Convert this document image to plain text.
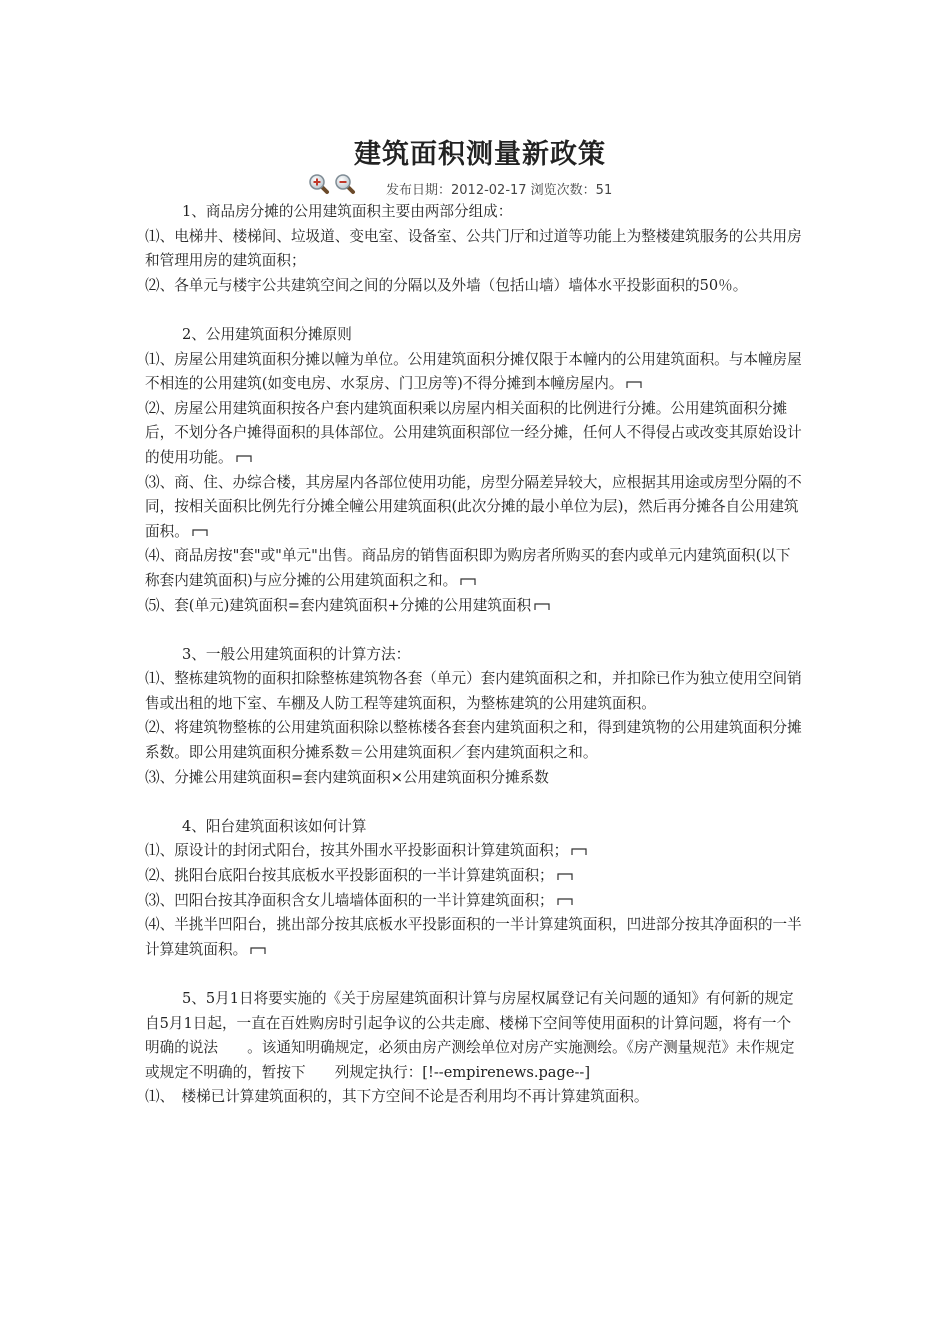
建筑面积测量新政策
发布日期：2012-02-17 浏览次数：51

1、商品房分摊的公用建筑面积主要由两部分组成：

⑴、电梯井、楼梯间、垃圾道、变电室、设备室、公共门厅和过道等功能上为整楼建筑服务的公共用房和管理用房的建筑面积；

⑵、各单元与楼宇公共建筑空间之间的分隔以及外墙（包括山墙）墙体水平投影面积的50％。

2、公用建筑面积分摊原则

⑴、房屋公用建筑面积分摊以幢为单位。公用建筑面积分摊仅限于本幢内的公用建筑面积。与本幢房屋不相连的公用建筑(如变电房、水泵房、门卫房等)不得分摊到本幢房屋内。

⑵、房屋公用建筑面积按各户套内建筑面积乘以房屋内相关面积的比例进行分摊。公用建筑面积分摊后，不划分各户摊得面积的具体部位。公用建筑面积部位一经分摊，任何人不得侵占或改变其原始设计的使用功能。

⑶、商、住、办综合楼，其房屋内各部位使用功能，房型分隔差异较大，应根据其用途或房型分隔的不同，按相关面积比例先行分摊全幢公用建筑面积(此次分摊的最小单位为层)，然后再分摊各自公用建筑面积。

⑷、商品房按"套"或"单元"出售。商品房的销售面积即为购房者所购买的套内或单元内建筑面积(以下称套内建筑面积)与应分摊的公用建筑面积之和。

⑸、套(单元)建筑面积=套内建筑面积+分摊的公用建筑面积

3、一般公用建筑面积的计算方法：

⑴、整栋建筑物的面积扣除整栋建筑物各套（单元）套内建筑面积之和，并扣除已作为独立使用空间销售或出租的地下室、车棚及人防工程等建筑面积，为整栋建筑的公用建筑面积。

⑵、将建筑物整栋的公用建筑面积除以整栋楼各套套内建筑面积之和，得到建筑物的公用建筑面积分摊系数。即公用建筑面积分摊系数＝公用建筑面积／套内建筑面积之和。

⑶、分摊公用建筑面积=套内建筑面积×公用建筑面积分摊系数

4、阳台建筑面积该如何计算

⑴、原设计的封闭式阳台，按其外围水平投影面积计算建筑面积；

⑵、挑阳台底阳台按其底板水平投影面积的一半计算建筑面积；

⑶、凹阳台按其净面积含女儿墙墙体面积的一半计算建筑面积；

⑷、半挑半凹阳台，挑出部分按其底板水平投影面积的一半计算建筑面积，凹进部分按其净面积的一半计算建筑面积。

5、5月1日将要实施的《关于房屋建筑面积计算与房屋权属登记有关问题的通知》有何新的规定

自5月1日起，一直在百姓购房时引起争议的公共走廊、楼梯下空间等使用面积的计算问题，将有一个明确的说法　　。该通知明确规定，必须由房产测绘单位对房产实施测绘。《房产测量规范》未作规定或规定不明确的，暂按下　　列规定执行：[!--empirenews.page--]

⑴、　楼梯已计算建筑面积的，其下方空间不论是否利用均不再计算建筑面积。
